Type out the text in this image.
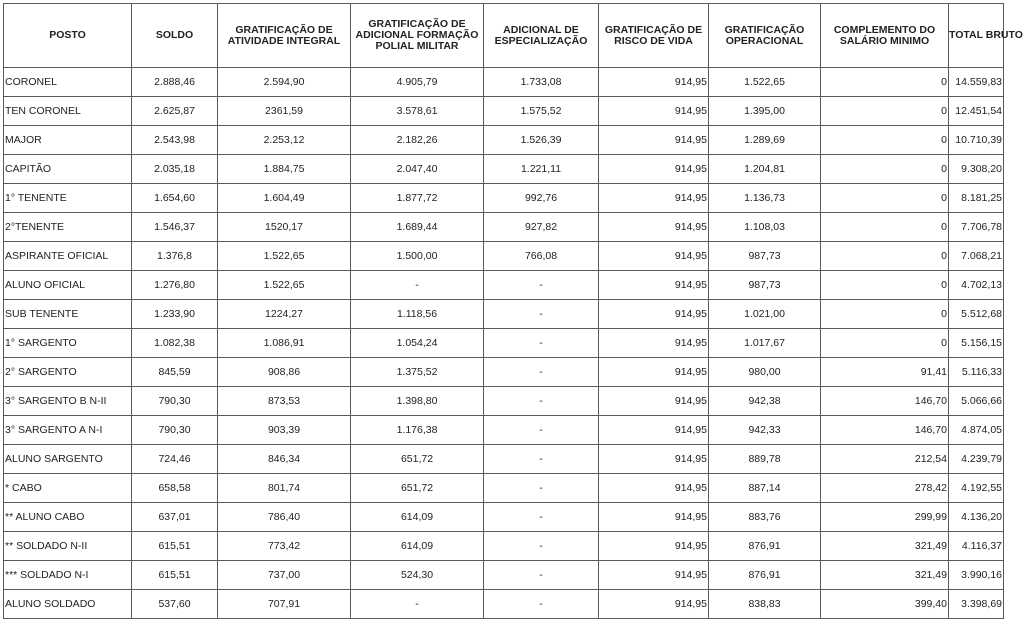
POSTO	SOLDO	GRATIFICAÇÃO DE ATIVIDADE INTEGRAL	GRATIFICAÇÃO DE ADICIONAL FORMAÇÃO POLIAL MILITAR	ADICIONAL DE ESPECIALIZAÇÃO	GRATIFICAÇÃO DE RISCO DE VIDA	GRATIFICAÇÃO OPERACIONAL	COMPLEMENTO DO SALÁRIO MINIMO	TOTAL BRUTO
CORONEL	2.888,46	2.594,90	4.905,79	1.733,08	914,95	1.522,65	0	14.559,83
TEN CORONEL	2.625,87	2361,59	3.578,61	1.575,52	914,95	1.395,00	0	12.451,54
MAJOR	2.543,98	2.253,12	2.182,26	1.526,39	914,95	1.289,69	0	10.710,39
CAPITÃO	2.035,18	1.884,75	2.047,40	1.221,11	914,95	1.204,81	0	9.308,20
1° TENENTE	1.654,60	1.604,49	1.877,72	992,76	914,95	1.136,73	0	8.181,25
2°TENENTE	1.546,37	1520,17	1.689,44	927,82	914,95	1.108,03	0	7.706,78
ASPIRANTE OFICIAL	1.376,8	1.522,65	1.500,00	766,08	914,95	987,73	0	7.068,21
ALUNO OFICIAL	1.276,80	1.522,65	-	-	914,95	987,73	0	4.702,13
SUB TENENTE	1.233,90	1224,27	1.118,56	-	914,95	1.021,00	0	5.512,68
1° SARGENTO	1.082,38	1.086,91	1.054,24	-	914,95	1.017,67	0	5.156,15
2° SARGENTO	845,59	908,86	1.375,52	-	914,95	980,00	91,41	5.116,33
3° SARGENTO B N-II	790,30	873,53	1.398,80	-	914,95	942,38	146,70	5.066,66
3° SARGENTO A N-I	790,30	903,39	1.176,38	-	914,95	942,33	146,70	4.874,05
ALUNO SARGENTO	724,46	846,34	651,72	-	914,95	889,78	212,54	4.239,79
* CABO	658,58	801,74	651,72	-	914,95	887,14	278,42	4.192,55
** ALUNO CABO	637,01	786,40	614,09	-	914,95	883,76	299,99	4.136,20
** SOLDADO N-II	615,51	773,42	614,09	-	914,95	876,91	321,49	4.116,37
*** SOLDADO N-I	615,51	737,00	524,30	-	914,95	876,91	321,49	3.990,16
ALUNO SOLDADO	537,60	707,91	-	-	914,95	838,83	399,40	3.398,69
